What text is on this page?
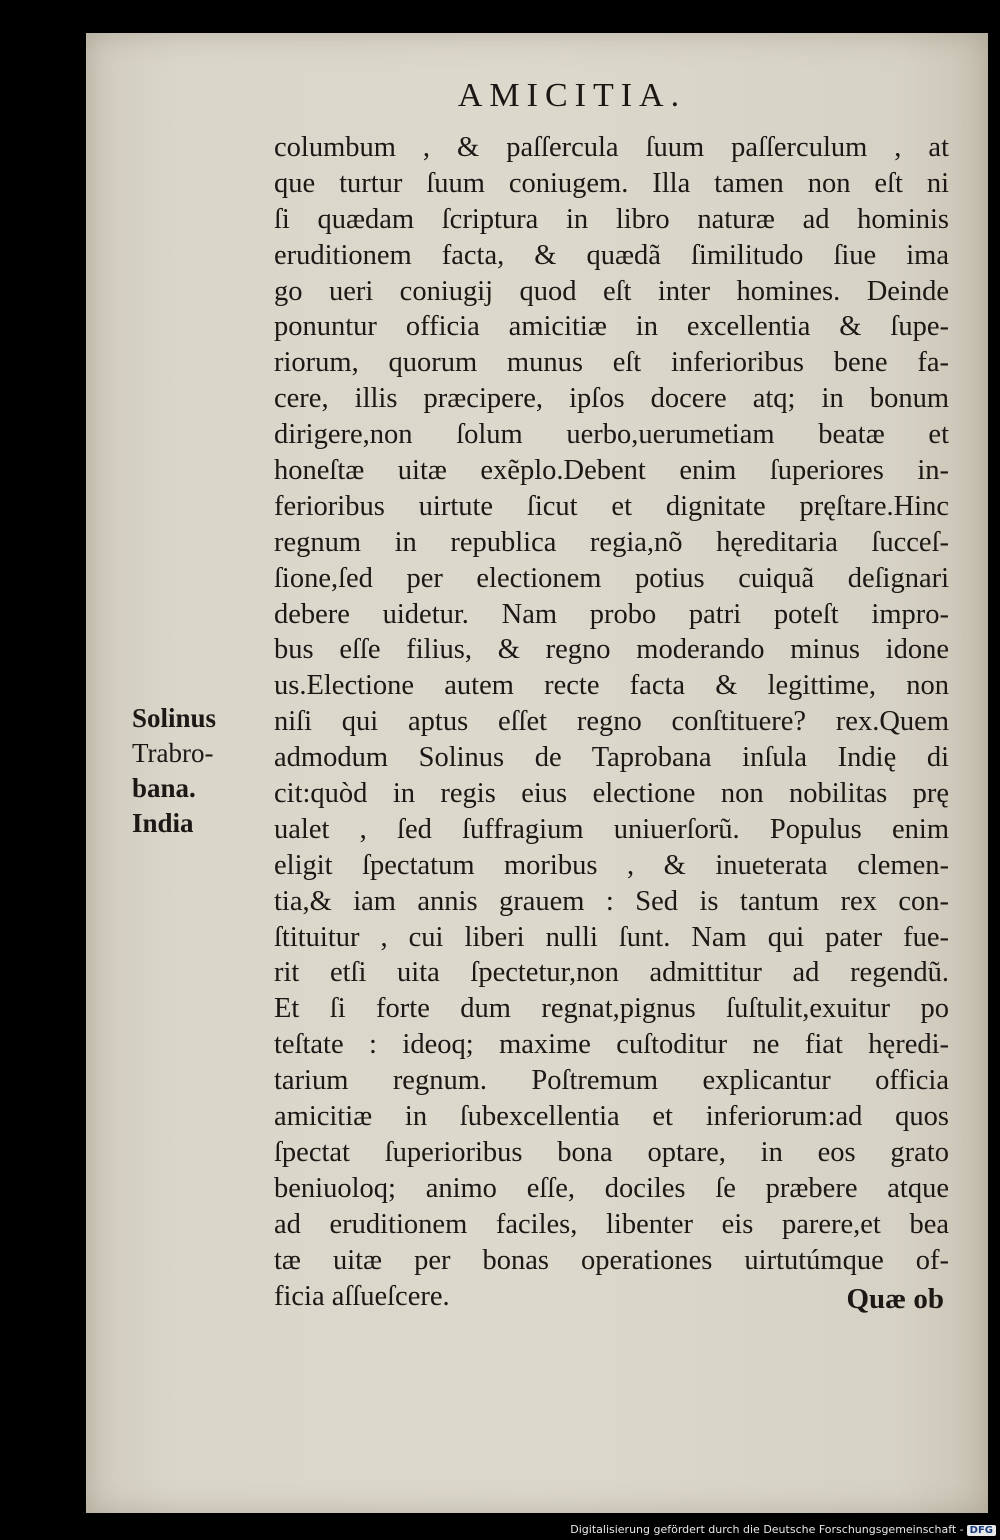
AMICITIA.
columbum , & paſſercula ſuum paſſerculum , at
que turtur ſuum coniugem. Illa tamen non eſt ni
ſi quædam ſcriptura in libro naturæ ad hominis
eruditionem facta, & quædã ſimilitudo ſiue ima
go ueri coniugij quod eſt inter homines. Deinde
ponuntur officia amicitiæ in excellentia & ſupe-
riorum, quorum munus eſt inferioribus bene fa-
cere, illis præcipere, ipſos docere atq; in bonum
dirigere,non ſolum uerbo,uerumetiam beatæ et
honeſtæ uitæ exẽplo.Debent enim ſuperiores in-
ferioribus uirtute ſicut et dignitate pręſtare.Hinc
regnum in republica regia,nõ hęreditaria ſucceſ-
ſione,ſed per electionem potius cuiquã deſignari
debere uidetur. Nam probo patri poteſt impro-
bus eſſe filius, & regno moderando minus idone
us.Electione autem recte facta & legittime, non
niſi qui aptus eſſet regno conſtituere? rex.Quem
admodum Solinus de Taprobana inſula Indię di
cit:quòd in regis eius electione non nobilitas prę
ualet , ſed ſuffragium uniuerſorũ. Populus enim
eligit ſpectatum moribus , & inueterata clemen-
tia,& iam annis grauem : Sed is tantum rex con-
ſtituitur , cui liberi nulli ſunt. Nam qui pater fue-
rit etſi uita ſpectetur,non admittitur ad regendũ.
Et ſi forte dum regnat,pignus ſuſtulit,exuitur po
teſtate : ideoq; maxime cuſtoditur ne fiat hęredi-
tarium regnum. Poſtremum explicantur officia
amicitiæ in ſubexcellentia et inferiorum:ad quos
ſpectat ſuperioribus bona optare, in eos grato
beniuoloq; animo eſſe, dociles ſe præbere atque
ad eruditionem faciles, libenter eis parere,et bea
tæ uitæ per bonas operationes uirtutúmque of-
ficia aſſueſcere.
Solinus
Trabro-
bana.
India
Quæ ob
Digitalisierung gefördert durch die Deutsche Forschungsgemeinschaft - DFG
